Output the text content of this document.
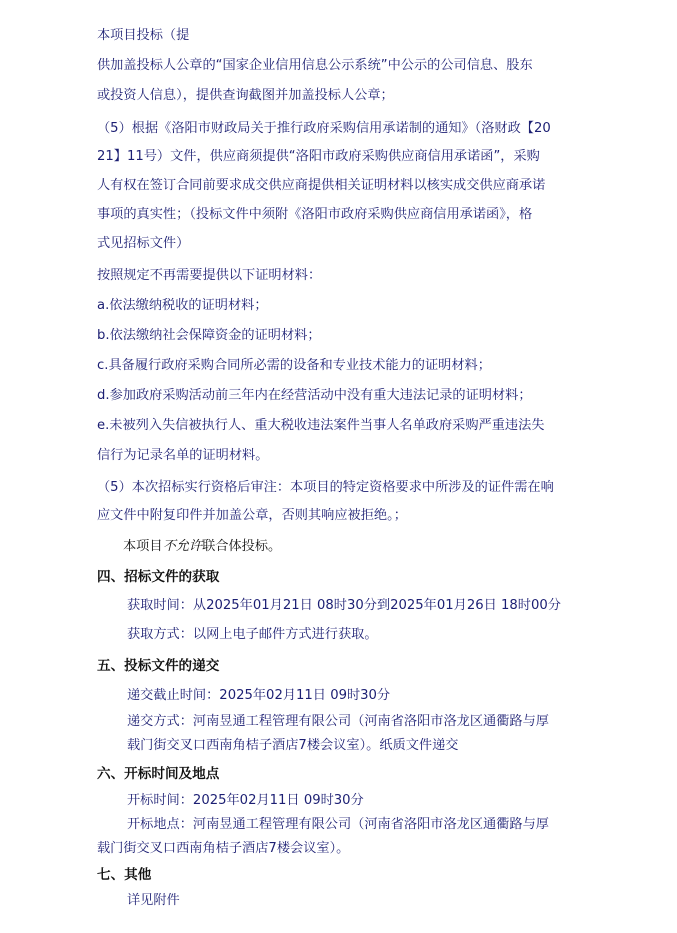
本项目投标（提
供加盖投标人公章的“国家企业信用信息公示系统”中公示的公司信息、股东
或投资人信息），提供查询截图并加盖投标人公章；
（5）根据《洛阳市财政局关于推行政府采购信用承诺制的通知》（洛财政【20
21】11号）文件，供应商须提供“洛阳市政府采购供应商信用承诺函”，采购
人有权在签订合同前要求成交供应商提供相关证明材料以核实成交供应商承诺
事项的真实性；（投标文件中须附《洛阳市政府采购供应商信用承诺函》，格
式见招标文件）
按照规定不再需要提供以下证明材料：
a.依法缴纳税收的证明材料；
b.依法缴纳社会保障资金的证明材料；
c.具备履行政府采购合同所必需的设备和专业技术能力的证明材料；
d.参加政府采购活动前三年内在经营活动中没有重大违法记录的证明材料；
e.未被列入失信被执行人、重大税收违法案件当事人名单政府采购严重违法失
信行为记录名单的证明材料。
（5）本次招标实行资格后审注：本项目的特定资格要求中所涉及的证件需在响
应文件中附复印件并加盖公章，否则其响应被拒绝。；
本项目不允许联合体投标。
四、招标文件的获取
获取时间：从2025年01月21日 08时30分到2025年01月26日 18时00分
获取方式：以网上电子邮件方式进行获取。
五、投标文件的递交
递交截止时间：2025年02月11日 09时30分
递交方式：河南昱通工程管理有限公司（河南省洛阳市洛龙区通衢路与厚
载门街交叉口西南角桔子酒店7楼会议室）。纸质文件递交
六、开标时间及地点
开标时间：2025年02月11日 09时30分
开标地点：河南昱通工程管理有限公司（河南省洛阳市洛龙区通衢路与厚
载门街交叉口西南角桔子酒店7楼会议室）。
七、其他
详见附件
